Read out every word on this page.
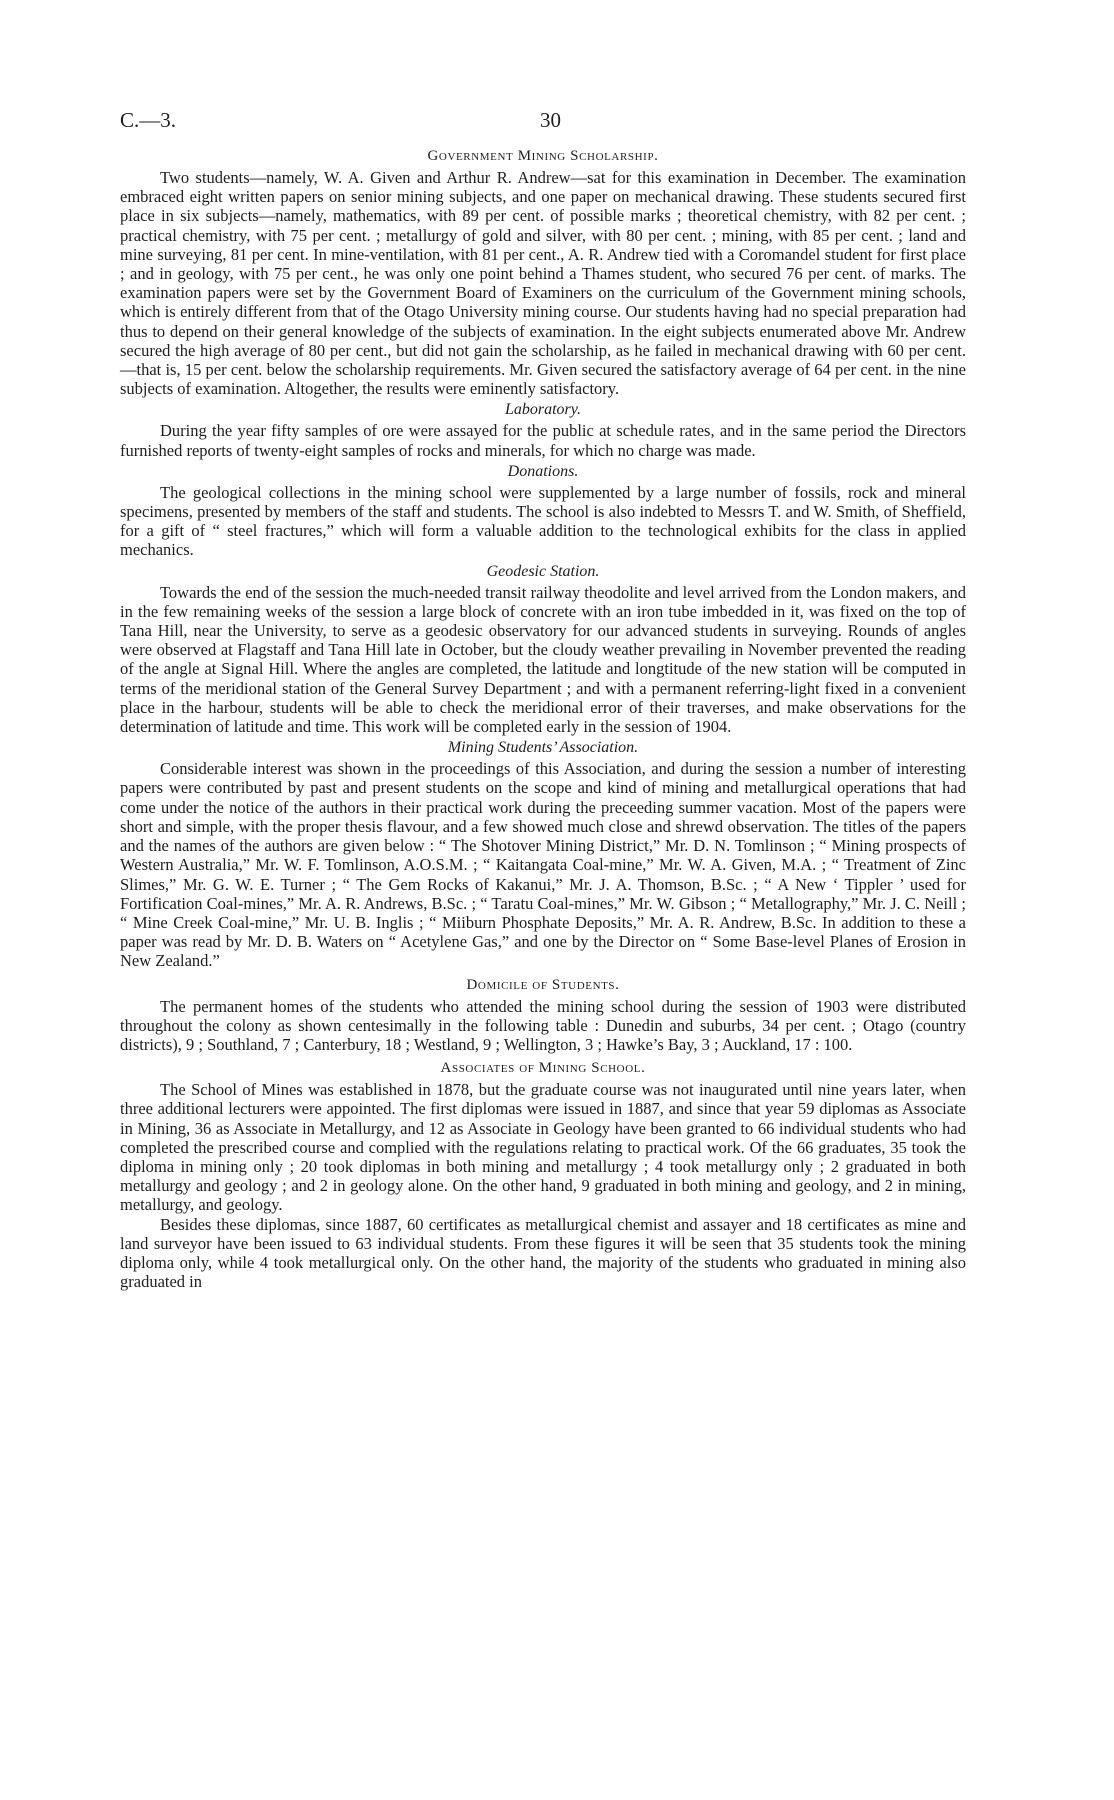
C.—3.	30
Government Mining Scholarship.

Two students—namely, W. A. Given and Arthur R. Andrew—sat for this examination in December. The examination embraced eight written papers on senior mining subjects, and one paper on mechanical drawing. These students secured first place in six subjects—namely, mathematics, with 89 per cent. of possible marks ; theoretical chemistry, with 82 per cent. ; practical chemistry, with 75 per cent. ; metallurgy of gold and silver, with 80 per cent. ; mining, with 85 per cent. ; land and mine surveying, 81 per cent. In mine-ventilation, with 81 per cent., A. R. Andrew tied with a Coromandel student for first place ; and in geology, with 75 per cent., he was only one point behind a Thames student, who secured 76 per cent. of marks. The examination papers were set by the Government Board of Examiners on the curriculum of the Government mining schools, which is entirely different from that of the Otago University mining course. Our students having had no special preparation had thus to depend on their general knowledge of the subjects of examination. In the eight subjects enumerated above Mr. Andrew secured the high average of 80 per cent., but did not gain the scholarship, as he failed in mechanical drawing with 60 per cent.—that is, 15 per cent. below the scholarship requirements. Mr. Given secured the satisfactory average of 64 per cent. in the nine subjects of examination. Altogether, the results were eminently satisfactory.

Laboratory.

During the year fifty samples of ore were assayed for the public at schedule rates, and in the same period the Directors furnished reports of twenty-eight samples of rocks and minerals, for which no charge was made.

Donations.

The geological collections in the mining school were supplemented by a large number of fossils, rock and mineral specimens, presented by members of the staff and students. The school is also indebted to Messrs T. and W. Smith, of Sheffield, for a gift of “ steel fractures,” which will form a valuable addition to the technological exhibits for the class in applied mechanics.

Geodesic Station.

Towards the end of the session the much-needed transit railway theodolite and level arrived from the London makers, and in the few remaining weeks of the session a large block of concrete with an iron tube imbedded in it, was fixed on the top of Tana Hill, near the University, to serve as a geodesic observatory for our advanced students in surveying. Rounds of angles were observed at Flagstaff and Tana Hill late in October, but the cloudy weather prevailing in November prevented the reading of the angle at Signal Hill. Where the angles are completed, the latitude and longtitude of the new station will be computed in terms of the meridional station of the General Survey Department ; and with a permanent referring-light fixed in a convenient place in the harbour, students will be able to check the meridional error of their traverses, and make observations for the determination of latitude and time. This work will be completed early in the session of 1904.

Mining Students’ Association.

Considerable interest was shown in the proceedings of this Association, and during the session a number of interesting papers were contributed by past and present students on the scope and kind of mining and metallurgical operations that had come under the notice of the authors in their practical work during the preceeding summer vacation. Most of the papers were short and simple, with the proper thesis flavour, and a few showed much close and shrewd observation. The titles of the papers and the names of the authors are given below : “ The Shotover Mining District,” Mr. D. N. Tomlinson ; “ Mining prospects of Western Australia,” Mr. W. F. Tomlinson, A.O.S.M. ; “ Kaitangata Coal-mine,” Mr. W. A. Given, M.A. ; “ Treatment of Zinc Slimes,” Mr. G. W. E. Turner ; “ The Gem Rocks of Kakanui,” Mr. J. A. Thomson, B.Sc. ; “ A New ‘ Tippler ’ used for Fortification Coal-mines,” Mr. A. R. Andrews, B.Sc. ; “ Taratu Coal-mines,” Mr. W. Gibson ; “ Metallography,” Mr. J. C. Neill ; “ Mine Creek Coal-mine,” Mr. U. B. Inglis ; “ Miiburn Phosphate Deposits,” Mr. A. R. Andrew, B.Sc. In addition to these a paper was read by Mr. D. B. Waters on “ Acetylene Gas,” and one by the Director on “ Some Base-level Planes of Erosion in New Zealand.”

Domicile of Students.

The permanent homes of the students who attended the mining school during the session of 1903 were distributed throughout the colony as shown centesimally in the following table : Dunedin and suburbs, 34 per cent. ; Otago (country districts), 9 ; Southland, 7 ; Canterbury, 18 ; Westland, 9 ; Wellington, 3 ; Hawke’s Bay, 3 ; Auckland, 17 : 100.

Associates of Mining School.

The School of Mines was established in 1878, but the graduate course was not inaugurated until nine years later, when three additional lecturers were appointed. The first diplomas were issued in 1887, and since that year 59 diplomas as Associate in Mining, 36 as Associate in Metallurgy, and 12 as Associate in Geology have been granted to 66 individual students who had completed the prescribed course and complied with the regulations relating to practical work. Of the 66 graduates, 35 took the diploma in mining only ; 20 took diplomas in both mining and metallurgy ; 4 took metallurgy only ; 2 graduated in both metallurgy and geology ; and 2 in geology alone. On the other hand, 9 graduated in both mining and geology, and 2 in mining, metallurgy, and geology.

Besides these diplomas, since 1887, 60 certificates as metallurgical chemist and assayer and 18 certificates as mine and land surveyor have been issued to 63 individual students. From these figures it will be seen that 35 students took the mining diploma only, while 4 took metallurgical only. On the other hand, the majority of the students who graduated in mining also graduated in
